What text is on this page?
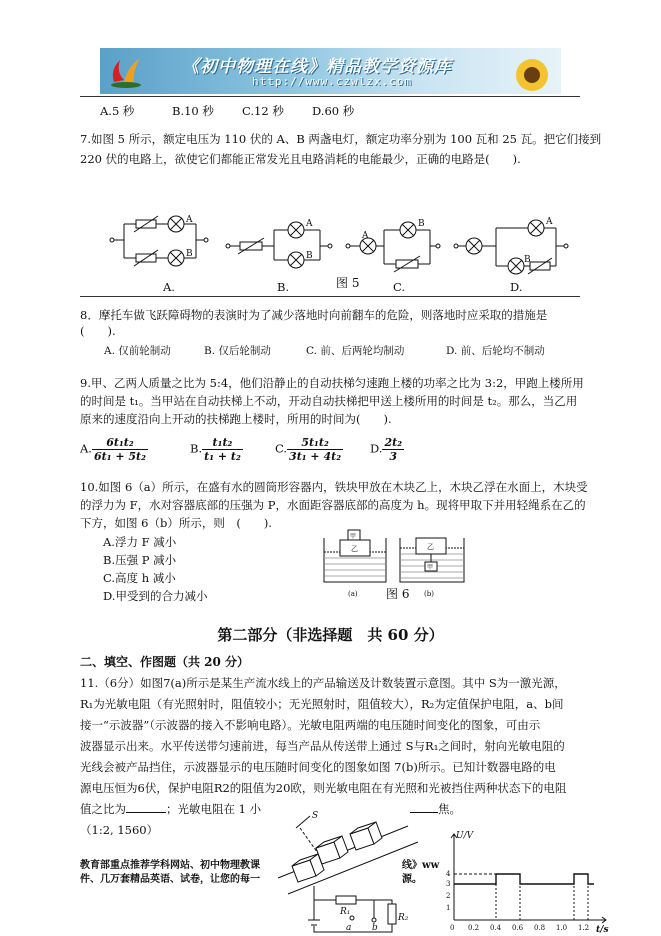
《初中物理在线》精品教学资源库
http://www.czwlzx.com
A.5 秒	B.10 秒 C.12 秒 D.60 秒
7.如图 5 所示，额定电压为 110 伏的 A、B 两盏电灯，额定功率分别为 100 瓦和 25 瓦。把它们接到
220 伏的电路上，欲使它们都能正常发光且电路消耗的电能最少，正确的电路是(　　).
A
B
A
B
A
B	A
B
图 5
A.	B.	C.	D.
8．摩托车做飞跃障碍物的表演时为了减少落地时向前翻车的危险，则落地时应采取的措施是
(　　).
A. 仅前轮制动	B. 仅后轮制动	C. 前、后两轮均制动	D. 前、后轮均不制动
9.甲、乙两人质量之比为 5:4，他们沿静止的自动扶梯匀速跑上楼的功率之比为 3:2，甲跑上楼所用
的时间是 t₁。当甲站在自动扶梯上不动，开动自动扶梯把甲送上楼所用的时间是 t₂。那么，当乙用
原来的速度沿向上开动的扶梯跑上楼时，所用的时间为(　　).
A. $\frac{\text{6t₁t₂}}{\text{6t₁ + 5t₂}}$	B. $\frac{\text{t₁t₂}}{\text{t₁ + t₂}}$	C. $\frac{\text{5t₁t₂}}{\text{3t₁ + 4t₂}} D$. $\frac{\text{2t₂}}{3}$
10.如图 6（a）所示，在盛有水的圆筒形容器内，铁块甲放在木块乙上，木块乙浮在水面上，木块受
的浮力为 F，水对容器底部的压强为 P，水面距容器底部的高度为 h。现将甲取下并用轻绳系在乙的
下方，如图 6（b）所示，则　(　　).
A.浮力 F 减小
B.压强 P 减小
C.高度 h 减小
D.甲受到的合力减小
甲
乙	乙
甲
(a)	(b)
图 6
第二部分（非选择题　共 60 分）
二、填空、作图题（共 20 分）
11.（6分）如图7(a)所示是某生产流水线上的产品输送及计数装置示意图。其中 S为一激光源，
R₁为光敏电阻（有光照射时，阻值较小；无光照射时，阻值较大），R₂为定值保护电阻，a、b间
接一“示波器”（示波器的接入不影响电路）。光敏电阻两端的电压随时间变化的图象，可由示
波器显示出来。水平传送带匀速前进，每当产品从传送带上通过 S与R₁之间时，射向光敏电阻的
光线会被产品挡住，示波器显示的电压随时间变化的图象如图 7(b)所示。已知计数器电路的电
源电压恒为6伏，保护电阻R2的阻值为20欧，则光敏电阻在有光照和光被挡住两种状态下的电阻
值之比为	；光敏电阻在 1 小	焦。
（1:2, 1560）
S
R₁
R₂
a b
U/V
t/s
4
3
2
1
0 0.2 0.4 0.6 0.8 1.0 1.2
教育部重点推荐学科网站、初中物理教课
件、几万套精品英语、试卷，让您的每一
线》ww
源。
